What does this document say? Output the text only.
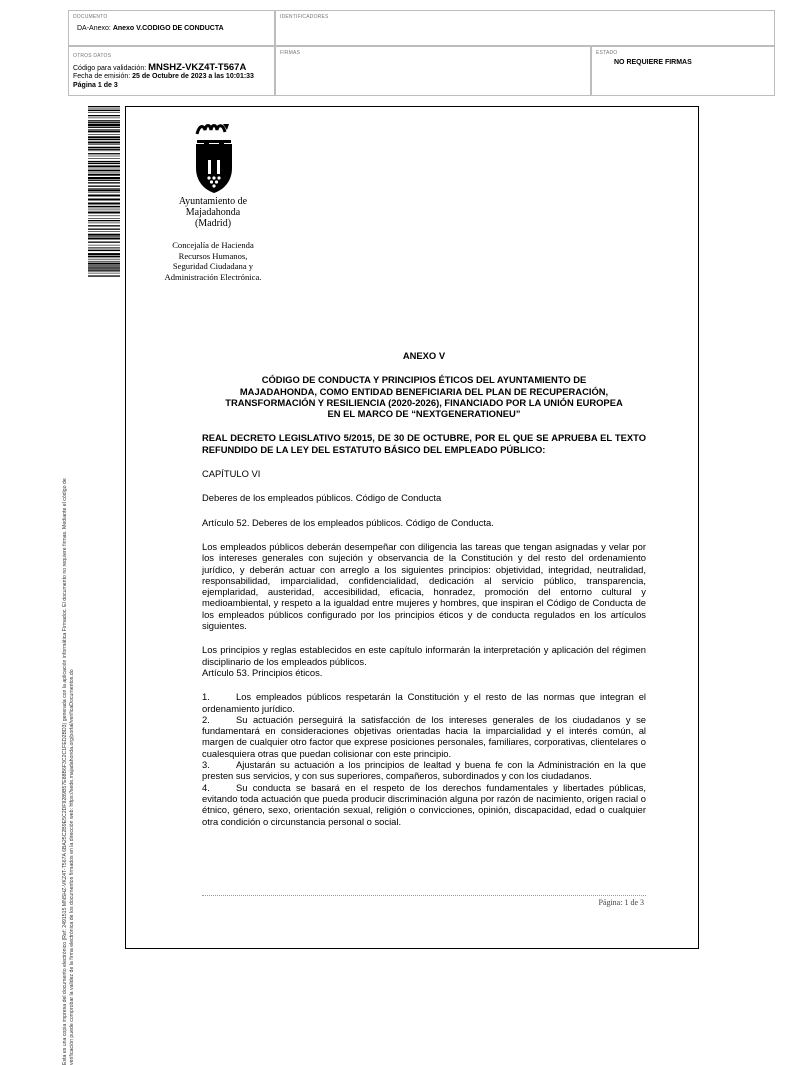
DOCUMENTO
DA-Anexo: Anexo V.CODIGO DE CONDUCTA
IDENTIFICADORES
OTROS DATOS
Código para validación: MNSHZ-VKZ4T-T567A
Fecha de emisión: 25 de Octubre de 2023 a las 10:01:33
Página 1 de 3
FIRMAS	ESTADO
NO REQUIERE FIRMAS
Esta es una copia impresa del documento electrónico (Ref: 2491515 MNSHZ-VKZ4T-T567A 6BA25C2B9E5C2DF9289B57E88B6F3C2C1FED2BD3) generada con la aplicación informática Firmadoc. El documento no requiere firmas. Mediante el código de verificación puede comprobar la validez de la firma electrónica de los documentos firmados en la dirección web: https://sede.majadahonda.org/portal/verificaDocumentos.do
Ayuntamiento de
Majadahonda
(Madrid)
Concejalía de Hacienda
Recursos Humanos,
Seguridad Ciudadana y
Administración Electrónica.

ANEXO V

CÓDIGO DE CONDUCTA Y PRINCIPIOS ÉTICOS DEL AYUNTAMIENTO DE MAJADAHONDA, COMO ENTIDAD BENEFICIARIA DEL PLAN DE RECUPERACIÓN, TRANSFORMACIÓN Y RESILIENCIA (2020-2026), FINANCIADO POR LA UNIÓN EUROPEA EN EL MARCO DE “NEXTGENERATIONEU”

REAL DECRETO LEGISLATIVO 5/2015, DE 30 DE OCTUBRE, POR EL QUE SE APRUEBA EL TEXTO REFUNDIDO DE LA LEY DEL ESTATUTO BÁSICO DEL EMPLEADO PÚBLICO:

CAPÍTULO VI

Deberes de los empleados públicos. Código de Conducta

Artículo 52. Deberes de los empleados públicos. Código de Conducta.

Los empleados públicos deberán desempeñar con diligencia las tareas que tengan asignadas y velar por los intereses generales con sujeción y observancia de la Constitución y del resto del ordenamiento jurídico, y deberán actuar con arreglo a los siguientes principios: objetividad, integridad, neutralidad, responsabilidad, imparcialidad, confidencialidad, dedicación al servicio público, transparencia, ejemplaridad, austeridad, accesibilidad, eficacia, honradez, promoción del entorno cultural y medioambiental, y respeto a la igualdad entre mujeres y hombres, que inspiran el Código de Conducta de los empleados públicos configurado por los principios éticos y de conducta regulados en los artículos siguientes.

Los principios y reglas establecidos en este capítulo informarán la interpretación y aplicación del régimen disciplinario de los empleados públicos.

Artículo 53. Principios éticos.

1.	Los empleados públicos respetarán la Constitución y el resto de las normas que integran el ordenamiento jurídico.

2.	Su actuación perseguirá la satisfacción de los intereses generales de los ciudadanos y se fundamentará en consideraciones objetivas orientadas hacia la imparcialidad y el interés común, al margen de cualquier otro factor que exprese posiciones personales, familiares, corporativas, clientelares o cualesquiera otras que puedan colisionar con este principio.

3.	Ajustarán su actuación a los principios de lealtad y buena fe con la Administración en la que presten sus servicios, y con sus superiores, compañeros, subordinados y con los ciudadanos.

4.	Su conducta se basará en el respeto de los derechos fundamentales y libertades públicas, evitando toda actuación que pueda producir discriminación alguna por razón de nacimiento, origen racial o étnico, género, sexo, orientación sexual, religión o convicciones, opinión, discapacidad, edad o cualquier otra condición o circunstancia personal o social.

Página: 1 de 3
